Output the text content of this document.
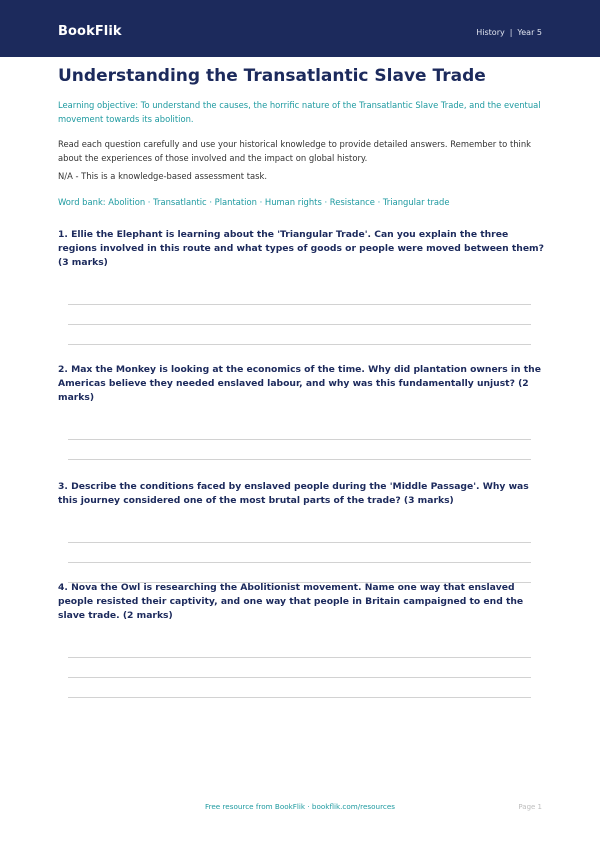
BookFlik	History | Year 5
Understanding the Transatlantic Slave Trade
Learning objective: To understand the causes, the horrific nature of the Transatlantic Slave Trade, and the eventual movement towards its abolition.
Read each question carefully and use your historical knowledge to provide detailed answers. Remember to think about the experiences of those involved and the impact on global history.
N/A - This is a knowledge-based assessment task.
Word bank: Abolition · Transatlantic · Plantation · Human rights · Resistance · Triangular trade
1. Ellie the Elephant is learning about the 'Triangular Trade'. Can you explain the three regions involved in this route and what types of goods or people were moved between them? (3 marks)
2. Max the Monkey is looking at the economics of the time. Why did plantation owners in the Americas believe they needed enslaved labour, and why was this fundamentally unjust? (2 marks)
3. Describe the conditions faced by enslaved people during the 'Middle Passage'. Why was this journey considered one of the most brutal parts of the trade? (3 marks)
4. Nova the Owl is researching the Abolitionist movement. Name one way that enslaved people resisted their captivity, and one way that people in Britain campaigned to end the slave trade. (2 marks)
Free resource from BookFlik · bookflik.com/resources	Page 1
